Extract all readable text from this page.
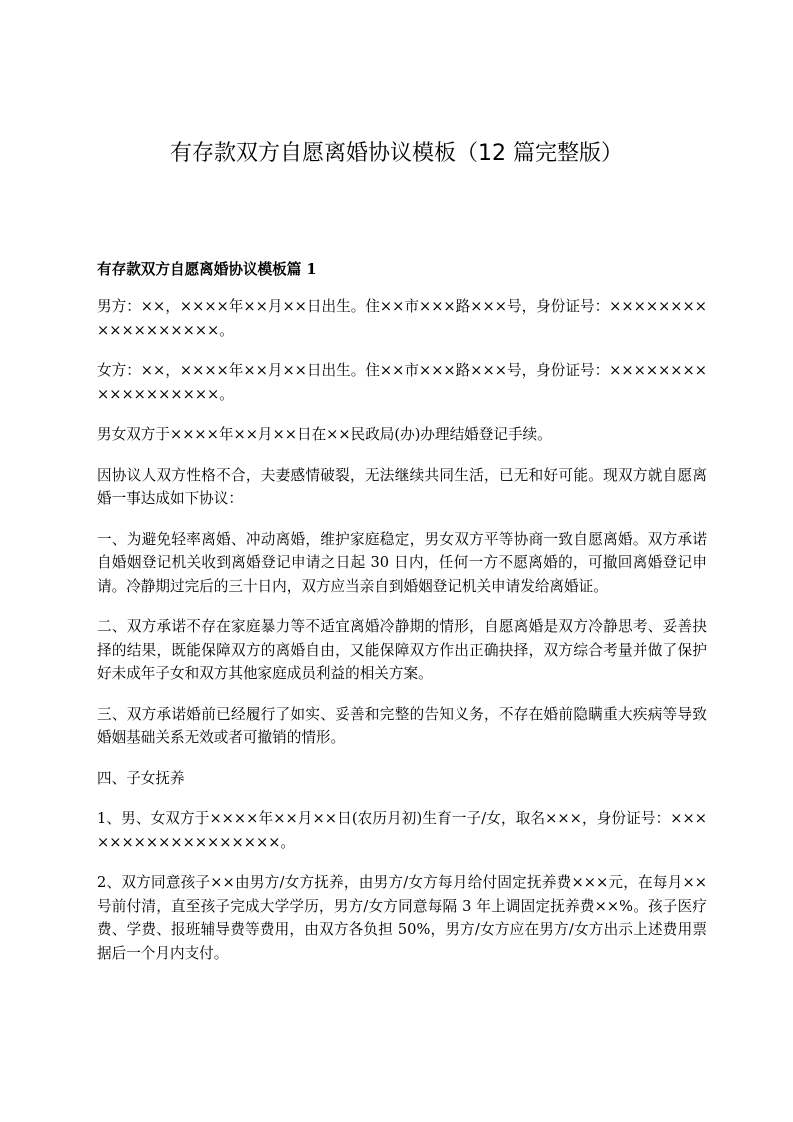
有存款双方自愿离婚协议模板（12 篇完整版）
有存款双方自愿离婚协议模板篇 1

男方：××，××××年××月××日出生。住××市×××路×××号，身份证号：××××××××××××××××××。

女方：××，××××年××月××日出生。住××市×××路×××号，身份证号：××××××××××××××××××。

男女双方于××××年××月××日在××民政局(办)办理结婚登记手续。

因协议人双方性格不合，夫妻感情破裂，无法继续共同生活，已无和好可能。现双方就自愿离婚一事达成如下协议：

一、为避免轻率离婚、冲动离婚，维护家庭稳定，男女双方平等协商一致自愿离婚。双方承诺自婚姻登记机关收到离婚登记申请之日起 30 日内，任何一方不愿离婚的，可撤回离婚登记申请。冷静期过完后的三十日内，双方应当亲自到婚姻登记机关申请发给离婚证。

二、双方承诺不存在家庭暴力等不适宜离婚冷静期的情形，自愿离婚是双方冷静思考、妥善抉择的结果，既能保障双方的离婚自由，又能保障双方作出正确抉择，双方综合考量并做了保护好未成年子女和双方其他家庭成员利益的相关方案。

三、双方承诺婚前已经履行了如实、妥善和完整的告知义务，不存在婚前隐瞒重大疾病等导致婚姻基础关系无效或者可撤销的情形。

四、子女抚养

1、男、女双方于××××年××月××日(农历月初)生育一子/女，取名×××，身份证号：××××××××××××××××××。

2、双方同意孩子××由男方/女方抚养，由男方/女方每月给付固定抚养费×××元，在每月××号前付清，直至孩子完成大学学历，男方/女方同意每隔 3 年上调固定抚养费××%。孩子医疗费、学费、报班辅导费等费用，由双方各负担 50%，男方/女方应在男方/女方出示上述费用票据后一个月内支付。
